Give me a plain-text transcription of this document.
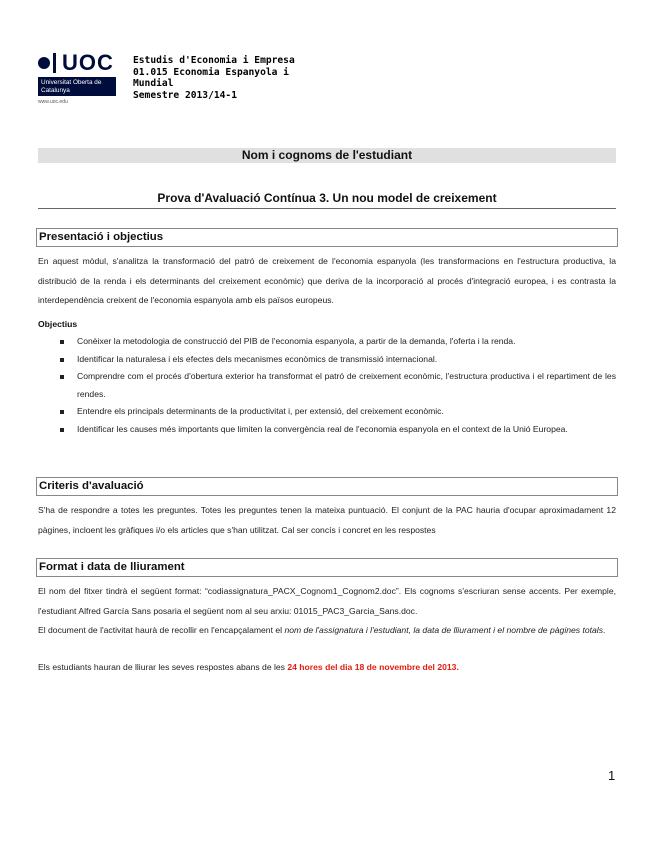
UOC
Universitat Oberta de Catalunya
www.uoc.edu
Estudis d'Economia i Empresa
01.015 Economia Espanyola i
Mundial
Semestre 2013/14-1
Nom i cognoms de l'estudiant
Prova d'Avaluació Contínua 3. Un nou model de creixement
Presentació i objectius

En aquest mòdul, s'analitza la transformació del patró de creixement de l'economia espanyola (les transformacions en l'estructura productiva, la distribució de la renda i els determinants del creixement econòmic) que deriva de la incorporació al procés d'integració europea, i es contrasta la interdependència creixent de l'economia espanyola amb els països europeus.

Objectius
Conèixer la metodologia de construcció del PIB de l'economia espanyola, a partir de la demanda, l'oferta i la renda.
Identificar la naturalesa i els efectes dels mecanismes econòmics de transmissió internacional.
Comprendre com el procés d'obertura exterior ha transformat el patró de creixement econòmic, l'estructura productiva i el repartiment de les rendes.
Entendre els principals determinants de la productivitat i, per extensió, del creixement econòmic.
Identificar les causes més importants que limiten la convergència real de l'economia espanyola en el context de la Unió Europea.
Criteris d'avaluació

S'ha de respondre a totes les preguntes. Totes les preguntes tenen la mateixa puntuació. El conjunt de la PAC hauria d'ocupar aproximadament 12 pàgines, incloent les gràfiques i/o els articles que s'han utilitzat. Cal ser concís i concret en les respostes

Format i data de lliurament

El nom del fitxer tindrà el següent format: “codiassignatura_PACX_Cognom1_Cognom2.doc”. Els cognoms s'escriuran sense accents. Per exemple, l'estudiant Alfred García Sans posaria el següent nom al seu arxiu: 01015_PAC3_Garcia_Sans.doc.

El document de l'activitat haurà de recollir en l'encapçalament el nom de l'assignatura i l'estudiant, la data de lliurament i el nombre de pàgines totals.

Els estudiants hauran de lliurar les seves respostes abans de les 24 hores del dia 18 de novembre del 2013.

1
